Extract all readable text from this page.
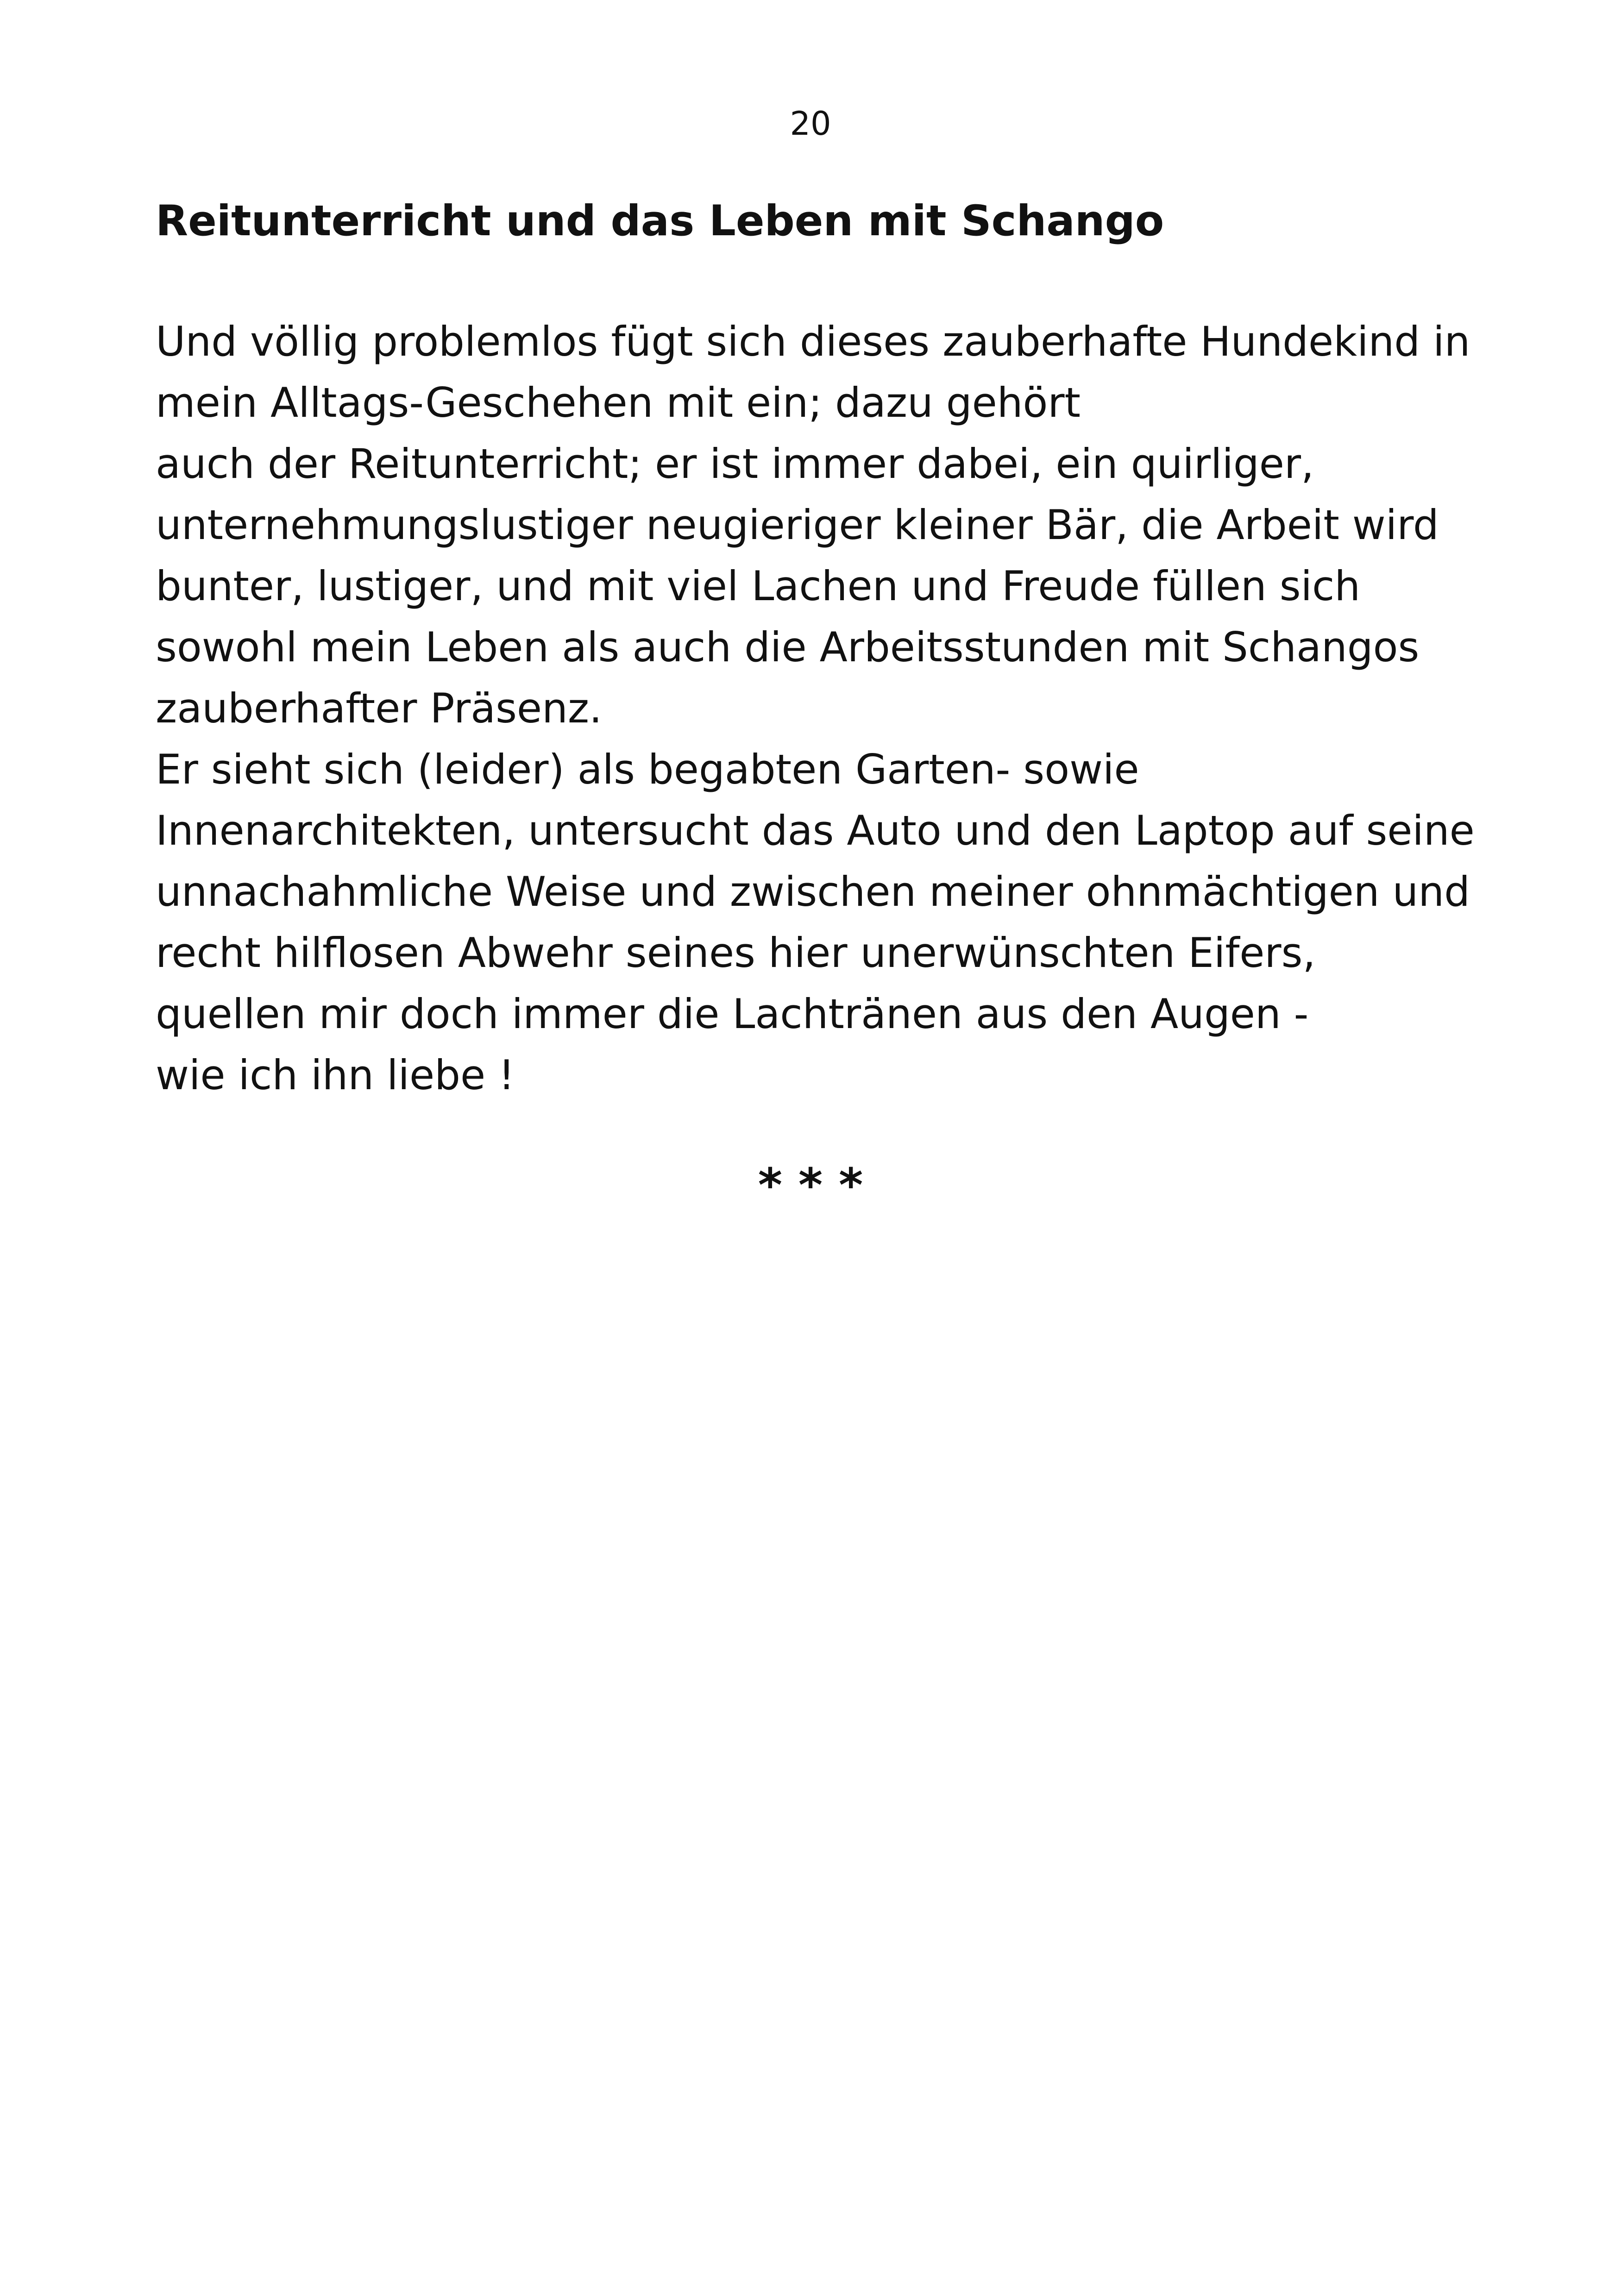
20
Reitunterricht und das Leben mit Schango
Und völlig problemlos fügt sich dieses zauberhafte Hundekind in
mein Alltags-Geschehen mit ein; dazu gehört
auch der Reitunterricht; er ist immer dabei, ein quirliger,
unternehmungslustiger neugieriger kleiner Bär, die Arbeit wird
bunter, lustiger, und mit viel Lachen und Freude füllen sich
sowohl mein Leben als auch die Arbeitsstunden mit Schangos
zauberhafter Präsenz.
Er sieht sich (leider) als begabten Garten- sowie
Innenarchitekten, untersucht das Auto und den Laptop auf seine
unnachahmliche Weise und zwischen meiner ohnmächtigen und
recht hilflosen Abwehr seines hier unerwünschten Eifers,
quellen mir doch immer die Lachtränen aus den Augen -
wie ich ihn liebe !
* * *
